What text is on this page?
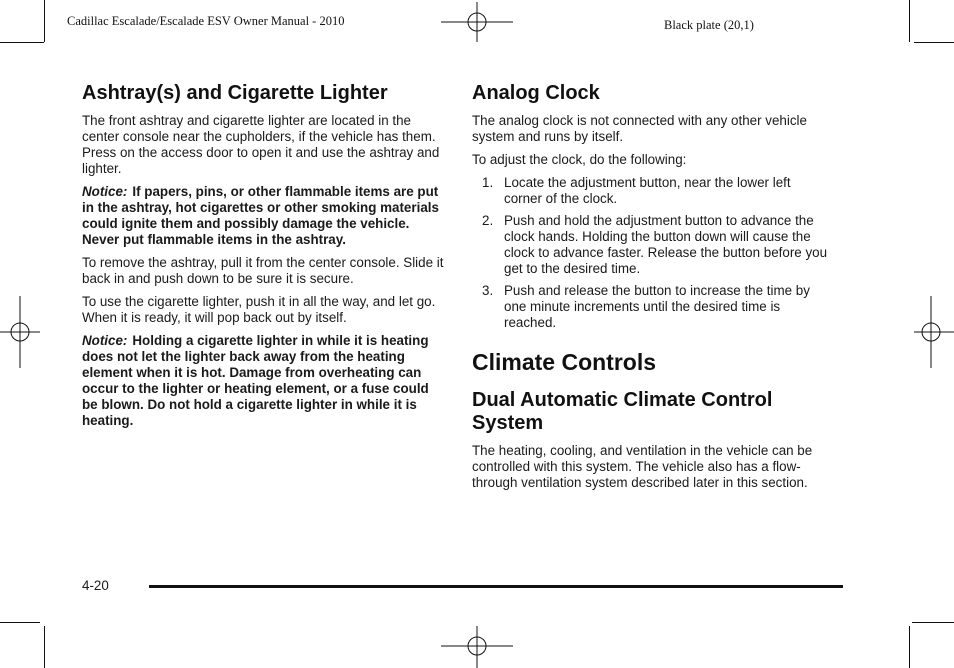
Cadillac Escalade/Escalade ESV Owner Manual - 2010	Black plate (20,1)
Ashtray(s) and Cigarette Lighter

The front ashtray and cigarette lighter are located in the center console near the cupholders, if the vehicle has them. Press on the access door to open it and use the ashtray and lighter.

Notice: If papers, pins, or other flammable items are put in the ashtray, hot cigarettes or other smoking materials could ignite them and possibly damage the vehicle. Never put flammable items in the ashtray.

To remove the ashtray, pull it from the center console. Slide it back in and push down to be sure it is secure.

To use the cigarette lighter, push it in all the way, and let go. When it is ready, it will pop back out by itself.

Notice: Holding a cigarette lighter in while it is heating does not let the lighter back away from the heating element when it is hot. Damage from overheating can occur to the lighter or heating element, or a fuse could be blown. Do not hold a cigarette lighter in while it is heating.

Analog Clock

The analog clock is not connected with any other vehicle system and runs by itself.

To adjust the clock, do the following:

1. Locate the adjustment button, near the lower left corner of the clock.
2. Push and hold the adjustment button to advance the clock hands. Holding the button down will cause the clock to advance faster. Release the button before you get to the desired time.
3. Push and release the button to increase the time by one minute increments until the desired time is reached.
Climate Controls
Dual Automatic Climate Control System

The heating, cooling, and ventilation in the vehicle can be controlled with this system. The vehicle also has a flow-through ventilation system described later in this section.

4-20
